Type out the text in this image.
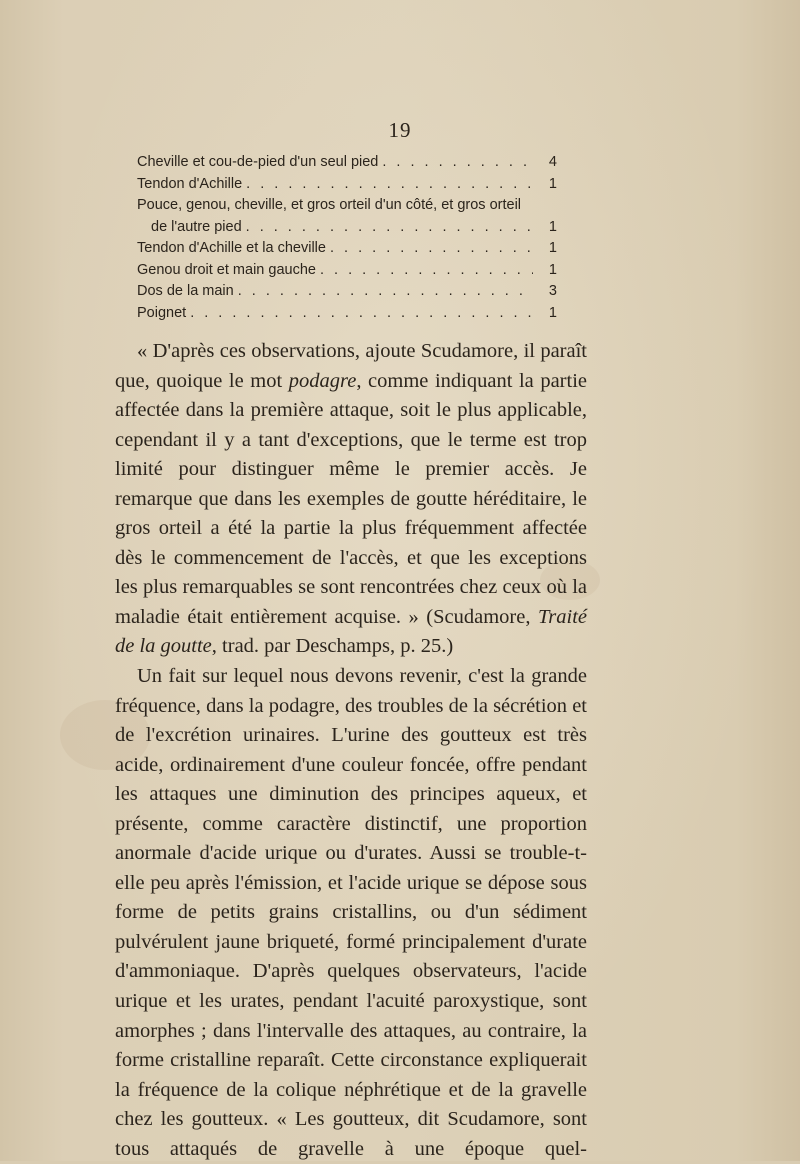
19
Cheville et cou-de-pied d'un seul pied . . .	4
Tendon d'Achille . . .	1
Pouce, genou, cheville, et gros orteil d'un côté, et gros orteil
de l'autre pied . . .	1
Tendon d'Achille et la cheville . . .	1
Genou droit et main gauche . . .	1
Dos de la main . . .	3
Poignet . . .	1

« D'après ces observations, ajoute Scudamore, il paraît que, quoique le mot podagre, comme indiquant la partie affectée dans la première attaque, soit le plus applicable, cependant il y a tant d'exceptions, que le terme est trop limité pour distinguer même le premier accès. Je remarque que dans les exemples de goutte héréditaire, le gros orteil a été la partie la plus fréquemment affectée dès le commencement de l'accès, et que les exceptions les plus remarquables se sont rencontrées chez ceux où la maladie était entièrement acquise. » (Scudamore, Traité de la goutte, trad. par Deschamps, p. 25.)

Un fait sur lequel nous devons revenir, c'est la grande fréquence, dans la podagre, des troubles de la sécrétion et de l'excrétion urinaires. L'urine des goutteux est très acide, ordinairement d'une couleur foncée, offre pendant les attaques une diminution des principes aqueux, et présente, comme caractère distinctif, une proportion anormale d'acide urique ou d'urates. Aussi se trouble-t-elle peu après l'émission, et l'acide urique se dépose sous forme de petits grains cristallins, ou d'un sédiment pulvérulent jaune briqueté, formé principalement d'urate d'ammoniaque. D'après quelques observateurs, l'acide urique et les urates, pendant l'acuité paroxystique, sont amorphes ; dans l'intervalle des attaques, au contraire, la forme cristalline reparaît. Cette circonstance expliquerait la fréquence de la colique néphrétique et de la gravelle chez les goutteux. « Les goutteux, dit Scudamore, sont tous attaqués de gravelle à une époque quel-
